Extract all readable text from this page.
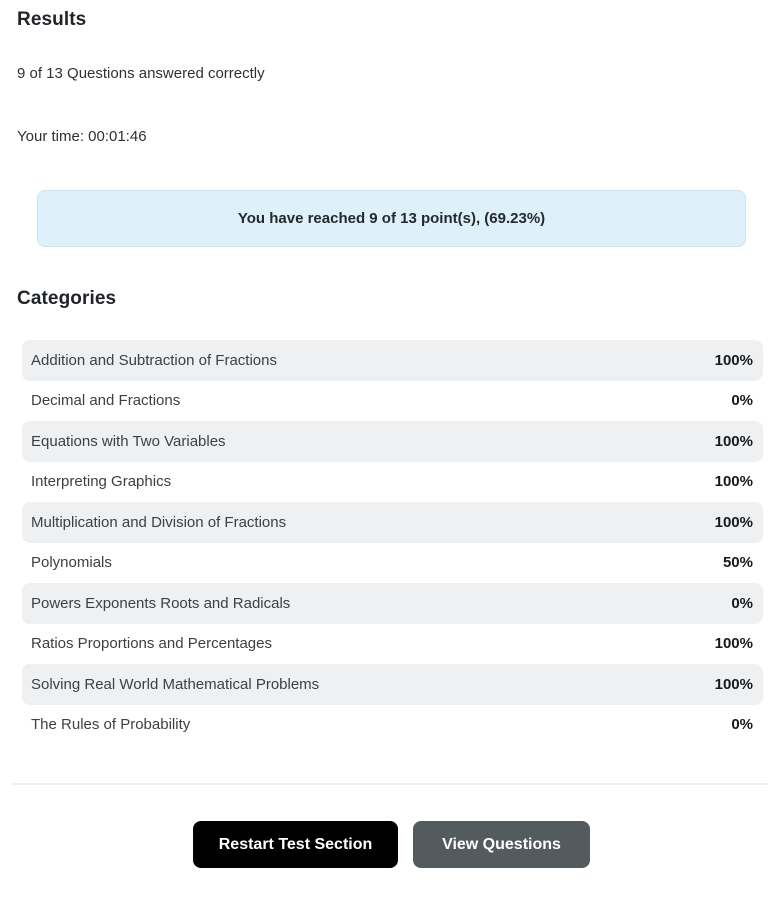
Results
9 of 13 Questions answered correctly
Your time: 00:01:46
You have reached 9 of 13 point(s), (69.23%)
Categories
Addition and Subtraction of Fractions	100%
Decimal and Fractions	0%
Equations with Two Variables	100%
Interpreting Graphics	100%
Multiplication and Division of Fractions	100%
Polynomials	50%
Powers Exponents Roots and Radicals	0%
Ratios Proportions and Percentages	100%
Solving Real World Mathematical Problems	100%
The Rules of Probability	0%
Restart Test Section	View Questions
